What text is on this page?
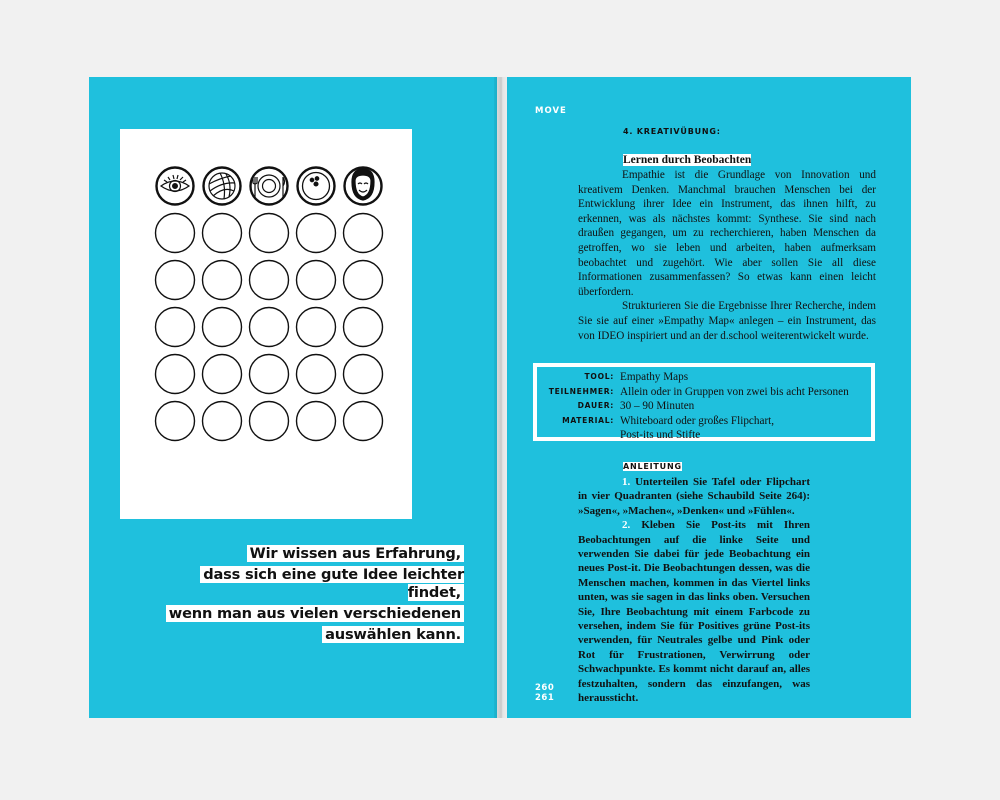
Wir wissen aus Erfahrung,
dass sich eine gute Idee leichter findet,
wenn man aus vielen verschiedenen
auswählen kann.
MOVE
4. KREATIVÜBUNG:
Lernen durch Beobachten

Empathie ist die Grundlage von Innovation und kreativem Denken. Manchmal brauchen Menschen bei der Entwicklung ihrer Idee ein Instrument, das ihnen hilft, zu erkennen, was als nächstes kommt: Synthese. Sie sind nach draußen gegangen, um zu recherchieren, haben Menschen da getroffen, wo sie leben und arbeiten, haben aufmerksam beobachtet und zugehört. Wie aber sollen Sie all diese Informationen zusammenfassen? So etwas kann einen leicht überfordern.

Strukturieren Sie die Ergebnisse Ihrer Recherche, indem Sie sie auf einer »Empathy Map« anlegen – ein Instrument, das von IDEO inspiriert und an der d.school weiterentwickelt wurde.

TOOL: Empathy Maps
TEILNEHMER: Allein oder in Gruppen von zwei bis acht Personen
DAUER: 30 – 90 Minuten
MATERIAL: Whiteboard oder großes Flipchart,
Post-its und Stifte
ANLEITUNG

1. Unterteilen Sie Tafel oder Flipchart in vier Quadranten (siehe Schaubild Seite 264): »Sagen«, »Machen«, »Denken« und »Fühlen«.

2. Kleben Sie Post-its mit Ihren Beobachtungen auf die linke Seite und verwenden Sie dabei für jede Beobachtung ein neues Post-it. Die Beobachtungen dessen, was die Menschen machen, kommen in das Viertel links unten, was sie sagen in das links oben. Versuchen Sie, Ihre Beobachtung mit einem Farbcode zu versehen, indem Sie für Positives grüne Post-its verwenden, für Neutrales gelbe und Pink oder Rot für Frustrationen, Verwirrung oder Schwachpunkte. Es kommt nicht darauf an, alles festzuhalten, sondern das einzufangen, was heraussticht.

260
261
